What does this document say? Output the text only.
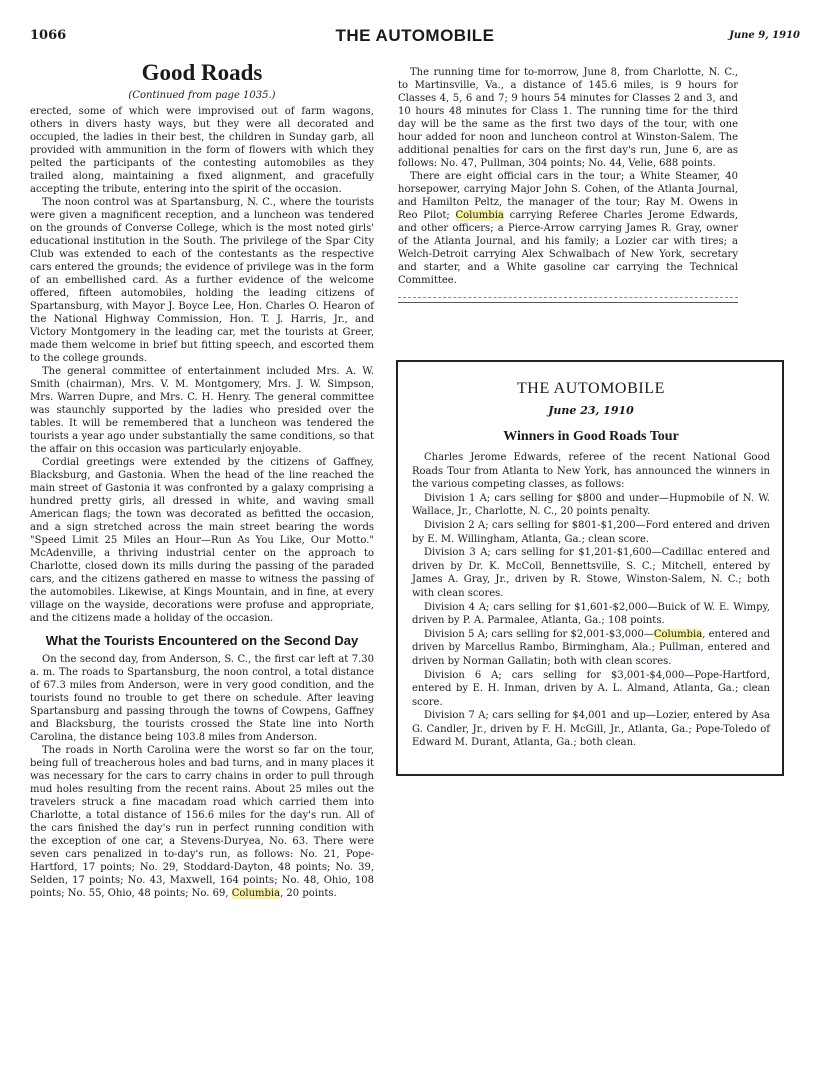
1066	THE AUTOMOBILE	June 9, 1910
Good Roads
(Continued from page 1035.)

erected, some of which were improvised out of farm wagons, others in divers hasty ways, but they were all decorated and occupied, the ladies in their best, the children in Sunday garb, all provided with ammunition in the form of flowers with which they pelted the participants of the contesting automobiles as they trailed along, maintaining a fixed alignment, and gracefully accepting the tribute, entering into the spirit of the occasion.

The noon control was at Spartansburg, N. C., where the tourists were given a magnificent reception, and a luncheon was tendered on the grounds of Converse College, which is the most noted girls' educational institution in the South. The privilege of the Spar City Club was extended to each of the contestants as the respective cars entered the grounds; the evidence of privilege was in the form of an embellished card. As a further evidence of the welcome offered, fifteen automobiles, holding the leading citizens of Spartansburg, with Mayor J. Boyce Lee, Hon. Charles O. Hearon of the National Highway Commission, Hon. T. J. Harris, Jr., and Victory Montgomery in the leading car, met the tourists at Greer, made them welcome in brief but fitting speech, and escorted them to the college grounds.

The general committee of entertainment included Mrs. A. W. Smith (chairman), Mrs. V. M. Montgomery, Mrs. J. W. Simpson, Mrs. Warren Dupre, and Mrs. C. H. Henry. The general committee was staunchly supported by the ladies who presided over the tables. It will be remembered that a luncheon was tendered the tourists a year ago under substantially the same conditions, so that the affair on this occasion was particularly enjoyable.

Cordial greetings were extended by the citizens of Gaffney, Blacksburg, and Gastonia. When the head of the line reached the main street of Gastonia it was confronted by a galaxy comprising a hundred pretty girls, all dressed in white, and waving small American flags; the town was decorated as befitted the occasion, and a sign stretched across the main street bearing the words "Speed Limit 25 Miles an Hour—Run As You Like, Our Motto." McAdenville, a thriving industrial center on the approach to Charlotte, closed down its mills during the passing of the paraded cars, and the citizens gathered en masse to witness the passing of the automobiles. Likewise, at Kings Mountain, and in fine, at every village on the wayside, decorations were profuse and appropriate, and the citizens made a holiday of the occasion.

What the Tourists Encountered on the Second Day

On the second day, from Anderson, S. C., the first car left at 7.30 a. m. The roads to Spartansburg, the noon control, a total distance of 67.3 miles from Anderson, were in very good condition, and the tourists found no trouble to get there on schedule. After leaving Spartansburg and passing through the towns of Cowpens, Gaffney and Blacksburg, the tourists crossed the State line into North Carolina, the distance being 103.8 miles from Anderson.

The roads in North Carolina were the worst so far on the tour, being full of treacherous holes and bad turns, and in many places it was necessary for the cars to carry chains in order to pull through mud holes resulting from the recent rains. About 25 miles out the travelers struck a fine macadam road which carried them into Charlotte, a total distance of 156.6 miles for the day's run. All of the cars finished the day's run in perfect running condition with the exception of one car, a Stevens-Duryea, No. 63. There were seven cars penalized in to-day's run, as follows: No. 21, Pope-Hartford, 17 points; No. 29, Stoddard-Dayton, 48 points; No. 39, Selden, 17 points; No. 43, Maxwell, 164 points; No. 48, Ohio, 108 points; No. 55, Ohio, 48 points; No. 69, Columbia, 20 points.

The running time for to-morrow, June 8, from Charlotte, N. C., to Martinsville, Va., a distance of 145.6 miles, is 9 hours for Classes 4, 5, 6 and 7; 9 hours 54 minutes for Classes 2 and 3, and 10 hours 48 minutes for Class 1. The running time for the third day will be the same as the first two days of the tour, with one hour added for noon and luncheon control at Winston-Salem. The additional penalties for cars on the first day's run, June 6, are as follows: No. 47, Pullman, 304 points; No. 44, Velie, 688 points.

There are eight official cars in the tour; a White Steamer, 40 horsepower, carrying Major John S. Cohen, of the Atlanta Journal, and Hamilton Peltz, the manager of the tour; Ray M. Owens in Reo Pilot; Columbia carrying Referee Charles Jerome Edwards, and other officers; a Pierce-Arrow carrying James R. Gray, owner of the Atlanta Journal, and his family; a Lozier car with tires; a Welch-Detroit carrying Alex Schwalbach of New York, secretary and starter, and a White gasoline car carrying the Technical Committee.

THE AUTOMOBILE
June 23, 1910
Winners in Good Roads Tour

Charles Jerome Edwards, referee of the recent National Good Roads Tour from Atlanta to New York, has announced the winners in the various competing classes, as follows:

Division 1 A; cars selling for $800 and under—Hupmobile of N. W. Wallace, Jr., Charlotte, N. C., 20 points penalty.

Division 2 A; cars selling for $801-$1,200—Ford entered and driven by E. M. Willingham, Atlanta, Ga.; clean score.

Division 3 A; cars selling for $1,201-$1,600—Cadillac entered and driven by Dr. K. McColl, Bennettsville, S. C.; Mitchell, entered by James A. Gray, Jr., driven by R. Stowe, Winston-Salem, N. C.; both with clean scores.

Division 4 A; cars selling for $1,601-$2,000—Buick of W. E. Wimpy, driven by P. A. Parmalee, Atlanta, Ga.; 108 points.

Division 5 A; cars selling for $2,001-$3,000—Columbia, entered and driven by Marcellus Rambo, Birmingham, Ala.; Pullman, entered and driven by Norman Gallatin; both with clean scores.

Division 6 A; cars selling for $3,001-$4,000—Pope-Hartford, entered by E. H. Inman, driven by A. L. Almand, Atlanta, Ga.; clean score.

Division 7 A; cars selling for $4,001 and up—Lozier, entered by Asa G. Candler, Jr., driven by F. H. McGill, Jr., Atlanta, Ga.; Pope-Toledo of Edward M. Durant, Atlanta, Ga.; both clean.
